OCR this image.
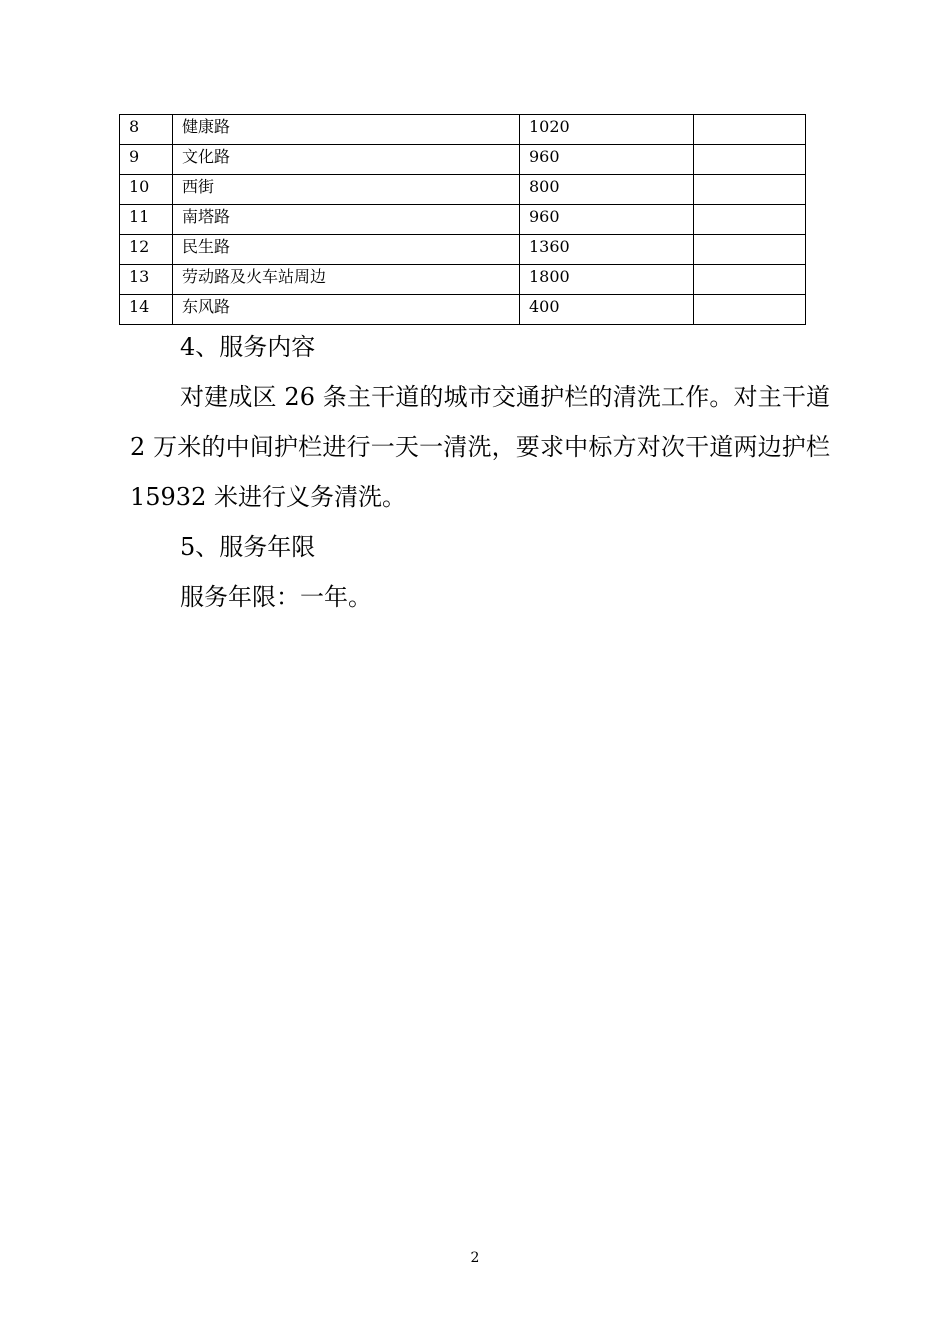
8	健康路	1020	
9	文化路	960	
10	西街	800	
11	南塔路	960	
12	民生路	1360	
13	劳动路及火车站周边	1800	
14	东风路	400	

4、服务内容

对建成区 26 条主干道的城市交通护栏的清洗工作。对主干道 2 万米的中间护栏进行一天一清洗，要求中标方对次干道两边护栏 15932 米进行义务清洗。

5、服务年限

服务年限：一年。

2
